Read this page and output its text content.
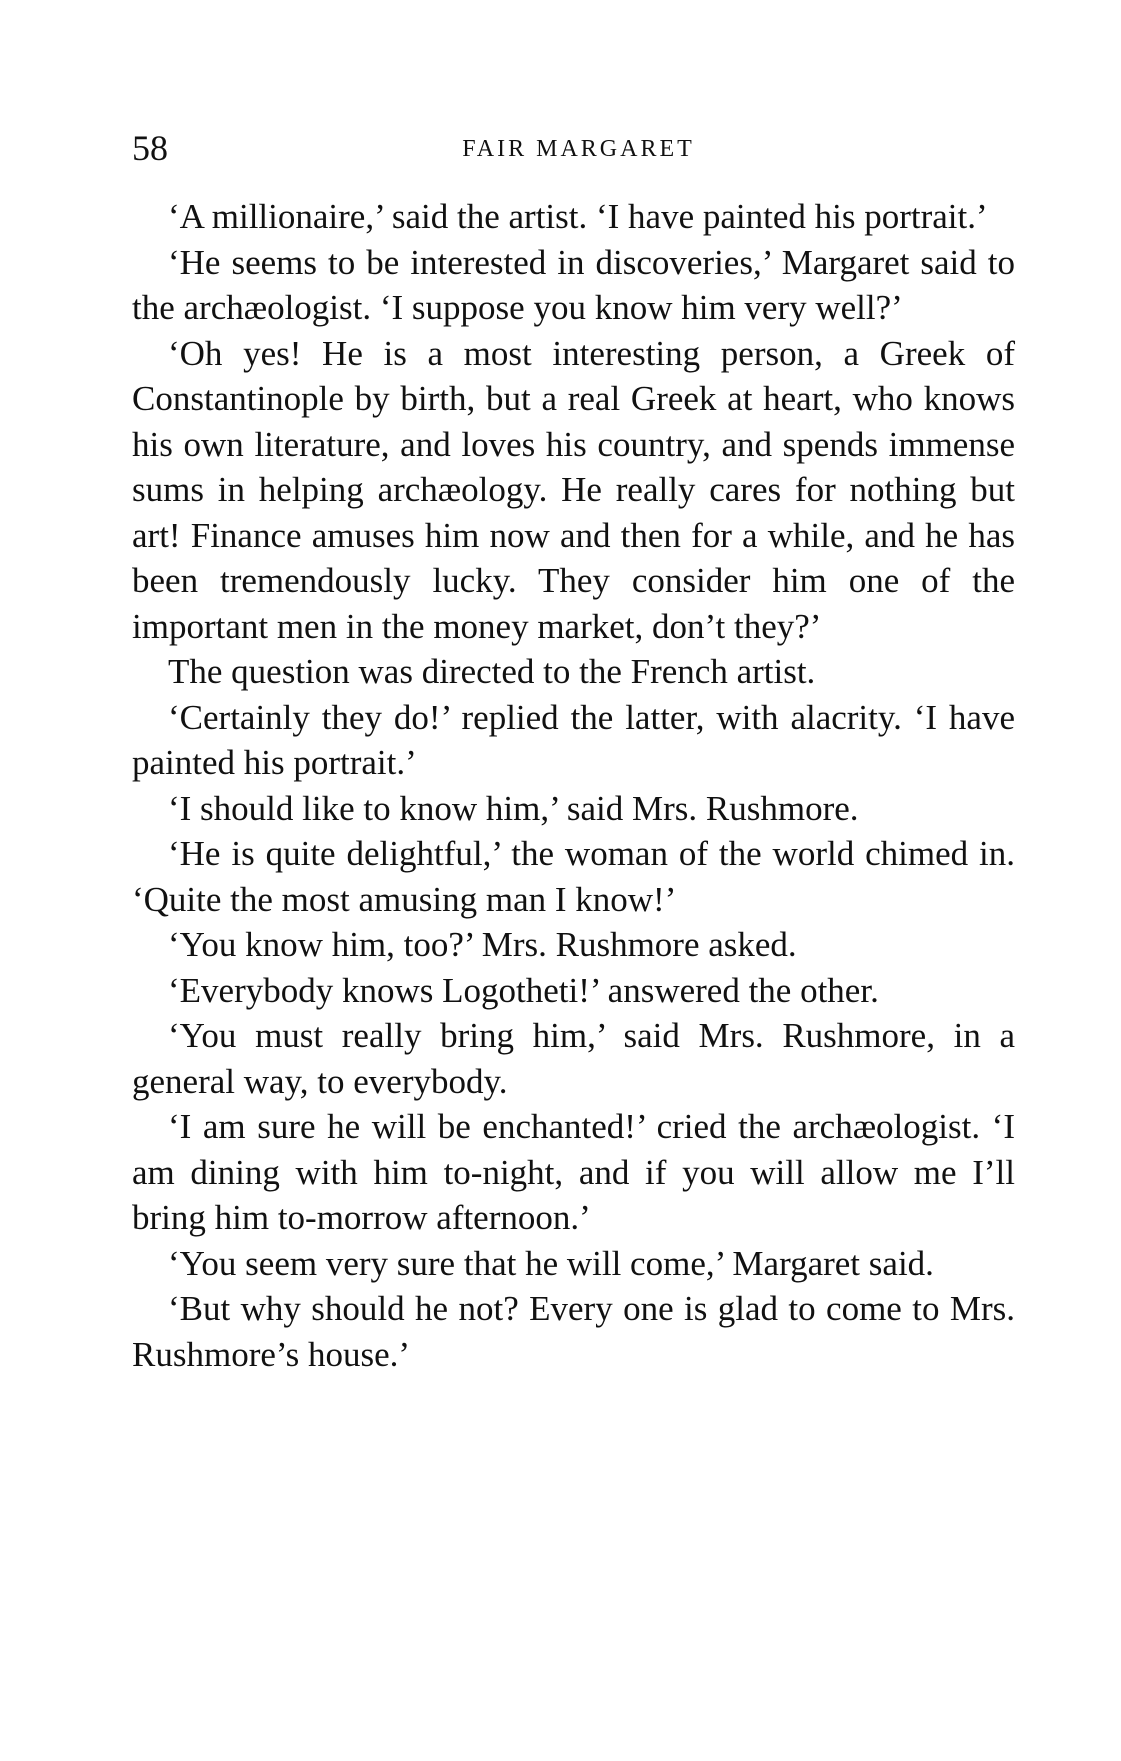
58	FAIR MARGARET

‘A millionaire,’ said the artist. ‘I have painted his portrait.’

‘He seems to be interested in discoveries,’ Margaret said to the archæologist. ‘I suppose you know him very well?’

‘Oh yes! He is a most interesting person, a Greek of Constantinople by birth, but a real Greek at heart, who knows his own literature, and loves his country, and spends immense sums in helping archæology. He really cares for nothing but art! Finance amuses him now and then for a while, and he has been tremendously lucky. They consider him one of the important men in the money market, don’t they?’

The question was directed to the French artist.

‘Certainly they do!’ replied the latter, with alacrity. ‘I have painted his portrait.’

‘I should like to know him,’ said Mrs. Rushmore.

‘He is quite delightful,’ the woman of the world chimed in. ‘Quite the most amusing man I know!’

‘You know him, too?’ Mrs. Rushmore asked.

‘Everybody knows Logotheti!’ answered the other.

‘You must really bring him,’ said Mrs. Rushmore, in a general way, to everybody.

‘I am sure he will be enchanted!’ cried the archæologist. ‘I am dining with him to-night, and if you will allow me I’ll bring him to-morrow afternoon.’

‘You seem very sure that he will come,’ Margaret said.

‘But why should he not? Every one is glad to come to Mrs. Rushmore’s house.’
